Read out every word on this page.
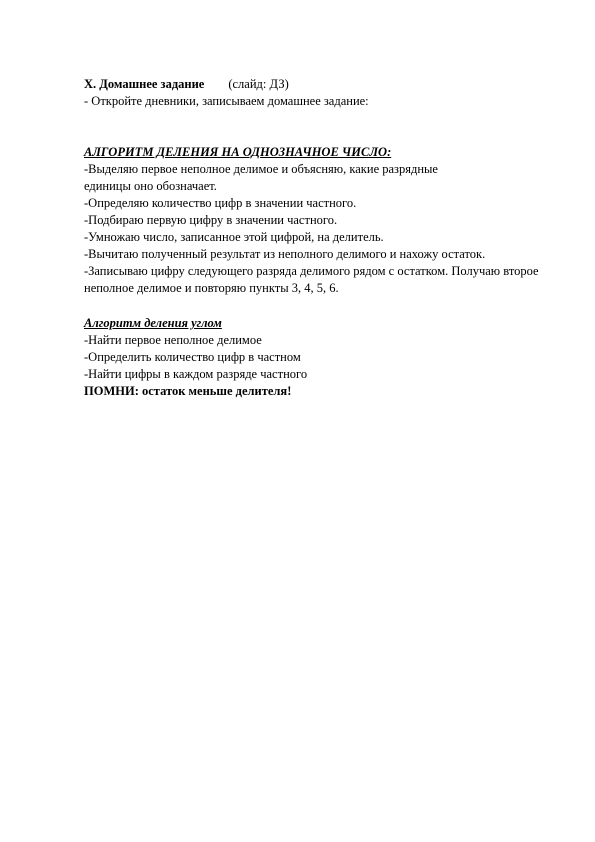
X. Домашнее задание (слайд: ДЗ)
- Откройте дневники, записываем домашнее задание:
АЛГОРИТМ ДЕЛЕНИЯ НА ОДНОЗНАЧНОЕ ЧИСЛО:
-Выделяю первое неполное делимое и объясняю, какие разрядные единицы оно обозначает.
-Определяю количество цифр в значении частного.
-Подбираю первую цифру в значении частного.
-Умножаю число, записанное этой цифрой, на делитель.
-Вычитаю полученный результат из неполного делимого и нахожу остаток.
-Записываю цифру следующего разряда делимого рядом с остатком. Получаю второе неполное делимое и повторяю пункты 3, 4, 5, 6.
Алгоритм деления углом
-Найти первое неполное делимое
-Определить количество цифр в частном
-Найти цифры в каждом разряде частного
ПОМНИ: остаток меньше делителя!
